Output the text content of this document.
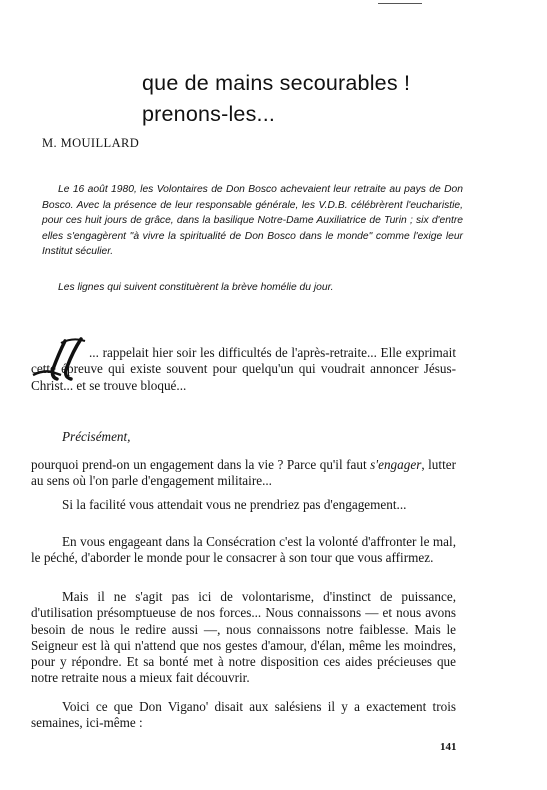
que de mains secourables !
prenons-les...
M. MOUILLARD

Le 16 août 1980, les Volontaires de Don Bosco achevaient leur retraite au pays de Don Bosco. Avec la présence de leur responsable générale, les V.D.B. célébrèrent l'eucharistie, pour ces huit jours de grâce, dans la basilique Notre-Dame Auxiliatrice de Turin ; six d'entre elles s'engagèrent "à vivre la spiritualité de Don Bosco dans le monde" comme l'exige leur Institut séculier.

Les lignes qui suivent constituèrent la brève homélie du jour.

... rappelait hier soir les difficultés de l'après-retraite... Elle exprimait cette épreuve qui existe souvent pour quelqu'un qui voudrait annoncer Jésus-Christ... et se trouve bloqué...

Précisément,

pourquoi prend-on un engagement dans la vie ? Parce qu'il faut s'engager, lutter au sens où l'on parle d'engagement militaire...

Si la facilité vous attendait vous ne prendriez pas d'engagement...

En vous engageant dans la Consécration c'est la volonté d'affronter le mal, le péché, d'aborder le monde pour le consacrer à son tour que vous affirmez.

Mais il ne s'agit pas ici de volontarisme, d'instinct de puissance, d'utilisation présomptueuse de nos forces... Nous connaissons — et nous avons besoin de nous le redire aussi —, nous connaissons notre faiblesse. Mais le Seigneur est là qui n'attend que nos gestes d'amour, d'élan, même les moindres, pour y répondre. Et sa bonté met à notre disposition ces aides précieuses que notre retraite nous a mieux fait découvrir.

Voici ce que Don Vigano' disait aux salésiens il y a exactement trois semaines, ici-même :

141
